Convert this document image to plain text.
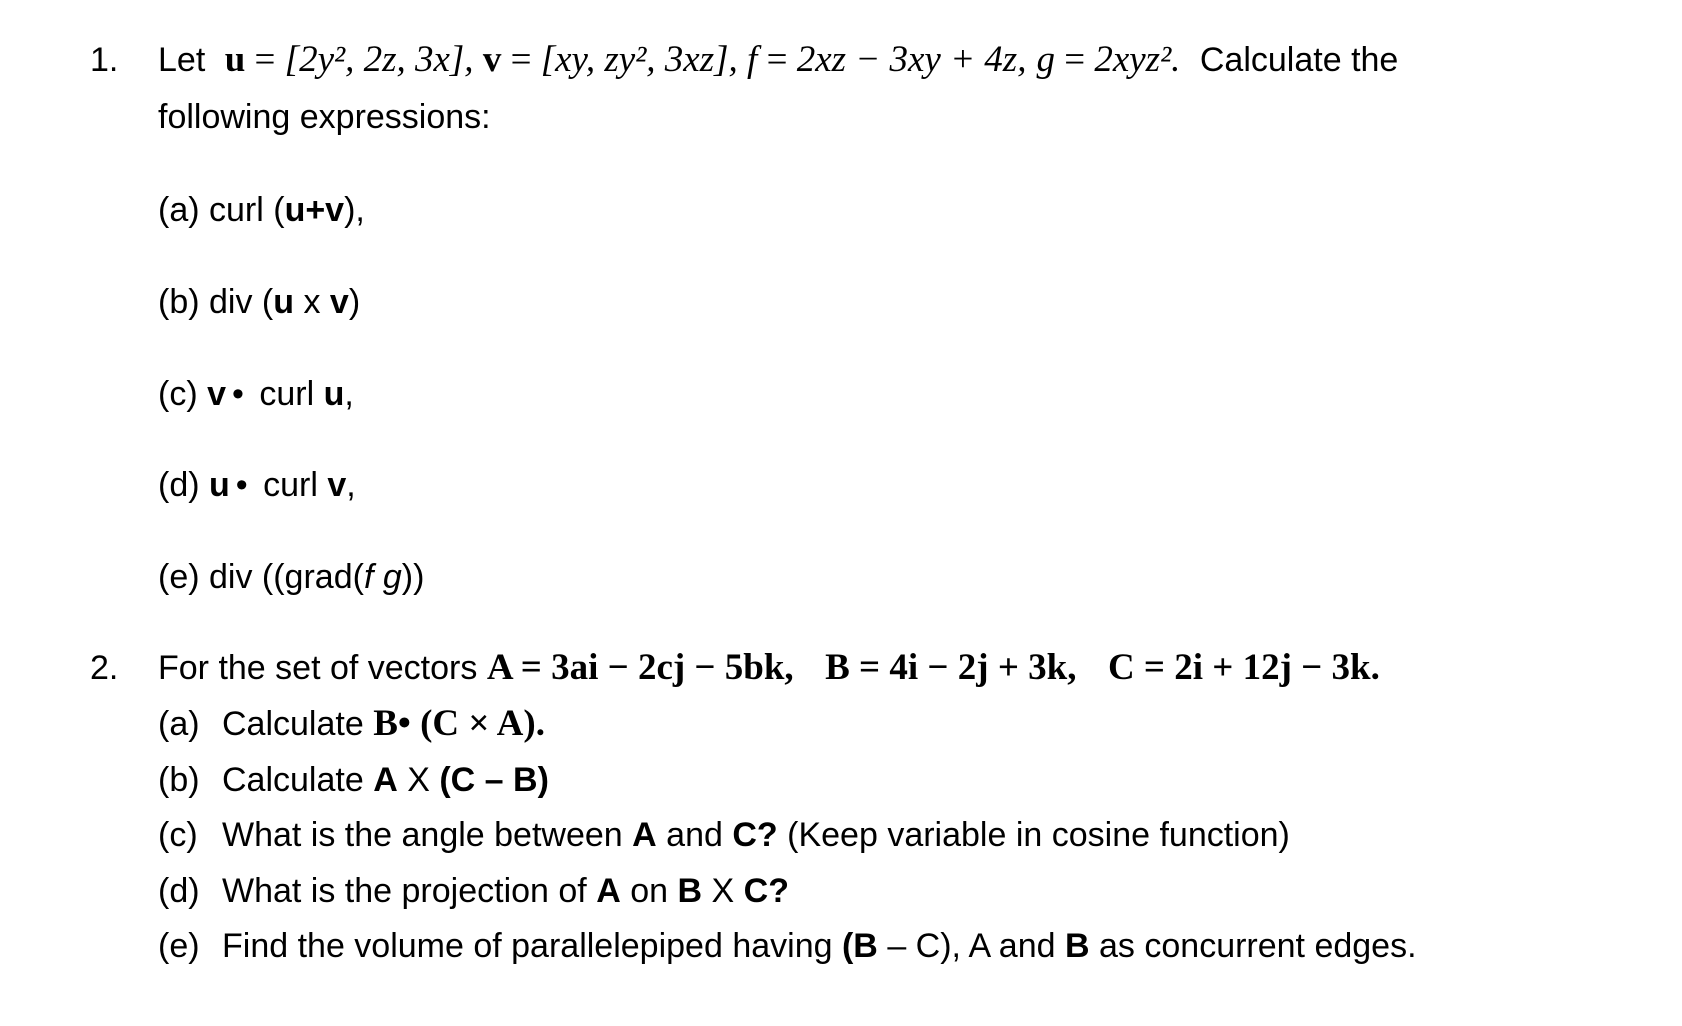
1. Let u = [2y², 2z, 3x], v = [xy, zy², 3xz], f = 2xz − 3xy + 4z, g = 2xyz². Calculate the
following expressions:
(a) curl (u+v),
(b) div (u x v)
(c) v • curl u,
(d) u • curl v,
(e) div ((grad(f g))
2. For the set of vectors A = 3ai − 2cj − 5bk, B = 4i − 2j + 3k, C = 2i + 12j − 3k.
(a) Calculate B• (C × A).
(b) Calculate A X (C – B)
(c) What is the angle between A and C? (Keep variable in cosine function)
(d) What is the projection of A on B X C?
(e) Find the volume of parallelepiped having (B – C), A and B as concurrent edges.
